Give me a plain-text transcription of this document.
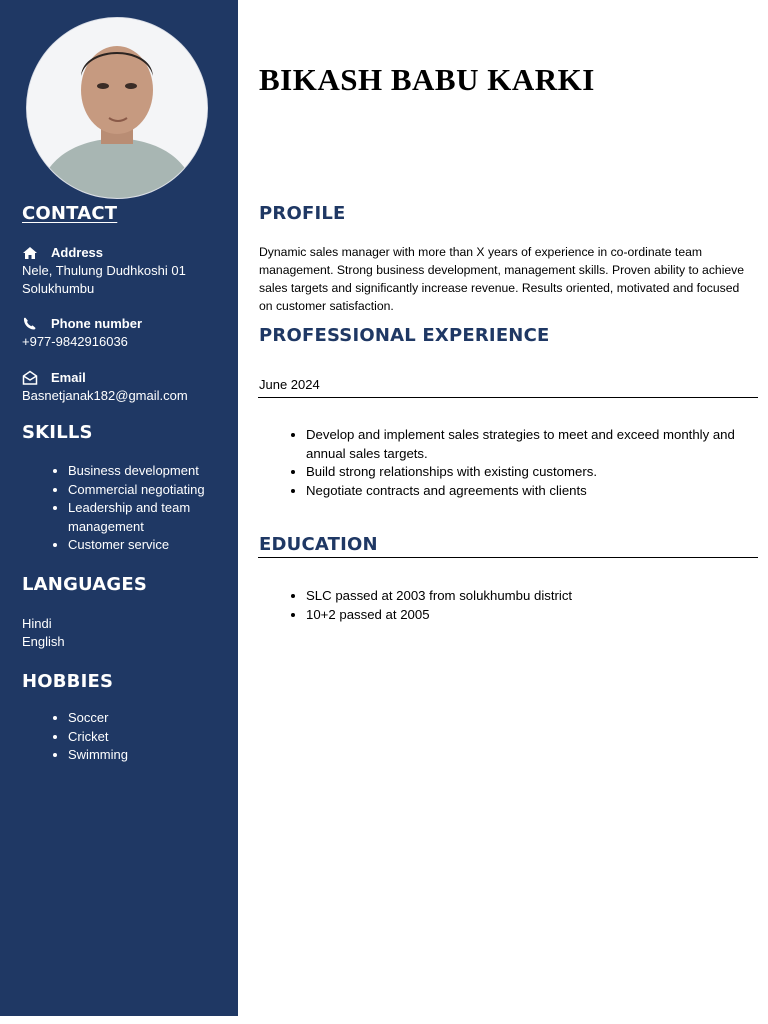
CONTACT
Address
Nele, Thulung Dudhkoshi 01
Solukhumbu
Phone number
+977-9842916036
Email
Basnetjanak182@gmail.com
SKILLS
• Business development
• Commercial negotiating
• Leadership and team management
• Customer service
LANGUAGES
Hindi
English
HOBBIES
• Soccer
• Cricket
• Swimming
BIKASH BABU KARKI
PROFILE

Dynamic sales manager with more than X years of experience in co-ordinate team management. Strong business development, management skills. Proven ability to achieve sales targets and significantly increase revenue. Results oriented, motivated and focused on customer satisfaction.

PROFESSIONAL EXPERIENCE
June 2024
• Develop and implement sales strategies to meet and exceed monthly and annual sales targets.
• Build strong relationships with existing customers.
• Negotiate contracts and agreements with clients
EDUCATION
• SLC passed at 2003 from solukhumbu district
• 10+2 passed at 2005
